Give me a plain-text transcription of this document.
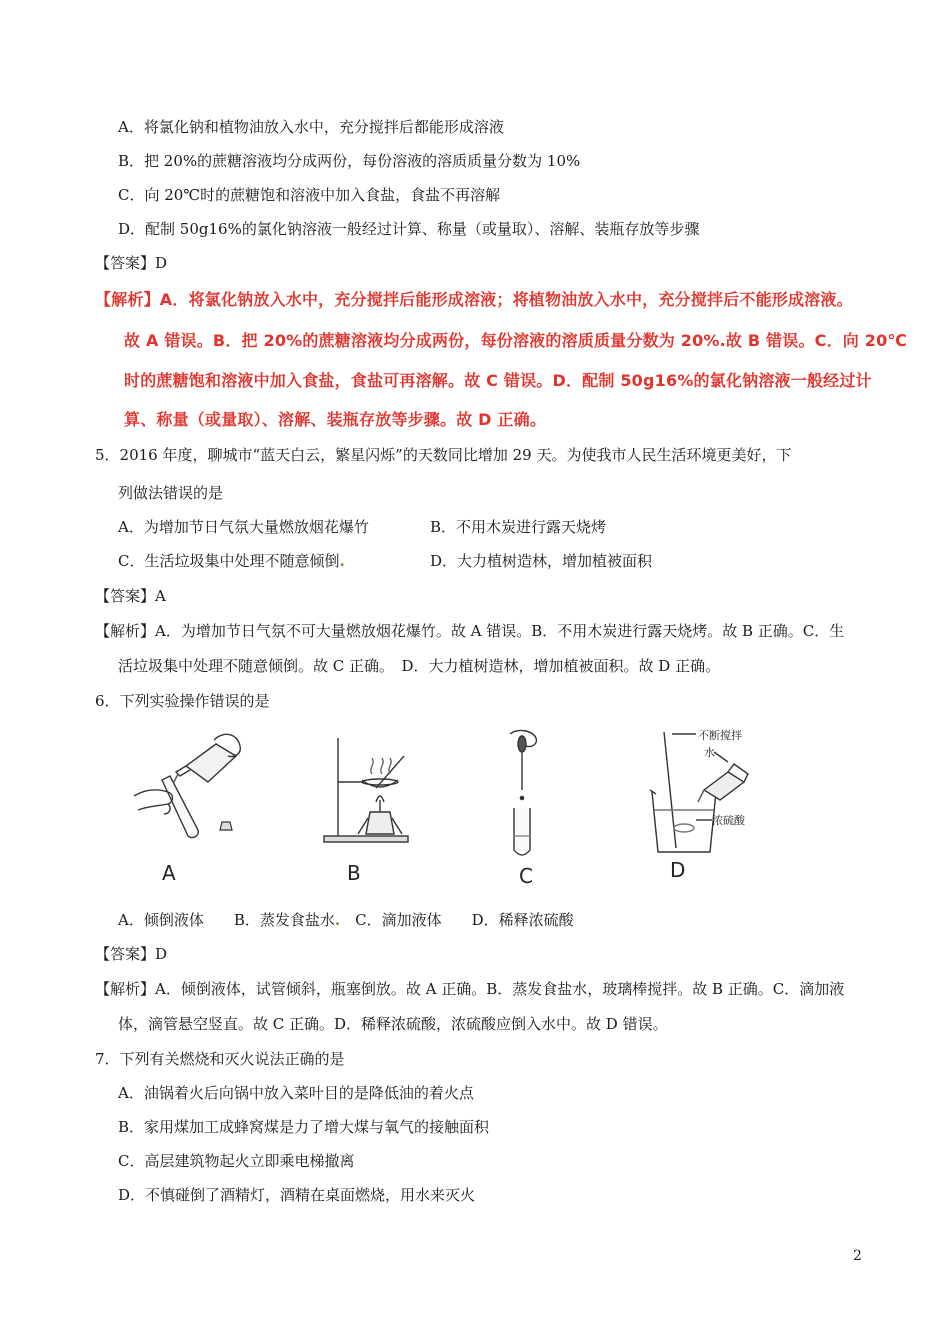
A．将氯化钠和植物油放入水中，充分搅拌后都能形成溶液
B．把 20%的蔗糖溶液均分成两份，每份溶液的溶质质量分数为 10%
C．向 20℃时的蔗糖饱和溶液中加入食盐，食盐不再溶解
D．配制 50g16%的氯化钠溶液一般经过计算、称量（或量取）、溶解、装瓶存放等步骤
【答案】D
【解析】A．将氯化钠放入水中，充分搅拌后能形成溶液；将植物油放入水中，充分搅拌后不能形成溶液。
故 A 错误。B．把 20%的蔗糖溶液均分成两份，每份溶液的溶质质量分数为 20%.故 B 错误。C．向 20℃
时的蔗糖饱和溶液中加入食盐，食盐可再溶解。故 C 错误。D．配制 50g16%的氯化钠溶液一般经过计
算、称量（或量取）、溶解、装瓶存放等步骤。故 D 正确。
5．2016 年度，聊城市“蓝天白云，繁星闪烁”的天数同比增加 29 天。为使我市人民生活环境更美好，下
列做法错误的是
A．为增加节日气氛大量燃放烟花爆竹	B．不用木炭进行露天烧烤
C．生活垃圾集中处理不随意倾倒.	D．大力植树造林，增加植被面积
【答案】A
【解析】A．为增加节日气氛不可大量燃放烟花爆竹。故 A 错误。B．不用木炭进行露天烧烤。故 B 正确。C．生
活垃圾集中处理不随意倾倒。故 C 正确。　D．大力植树造林，增加植被面积。故 D 正确。
6．下列实验操作错误的是
A	B	C
不断搅拌
水
浓硫酸
D
A．倾倒液体　　B．蒸发食盐水.　C．滴加液体　　D．稀释浓硫酸
【答案】D
【解析】A．倾倒液体，试管倾斜，瓶塞倒放。故 A 正确。B．蒸发食盐水，玻璃棒搅拌。故 B 正确。C．滴加液
体，滴管悬空竖直。故 C 正确。D．稀释浓硫酸，浓硫酸应倒入水中。故 D 错误。
7．下列有关燃烧和灭火说法正确的是
A．油锅着火后向锅中放入菜叶目的是降低油的着火点
B．家用煤加工成蜂窝煤是力了增大煤与氧气的接触面积
C．高层建筑物起火立即乘电梯撤离
D．不慎碰倒了酒精灯，酒精在桌面燃烧，用水来灭火
2
